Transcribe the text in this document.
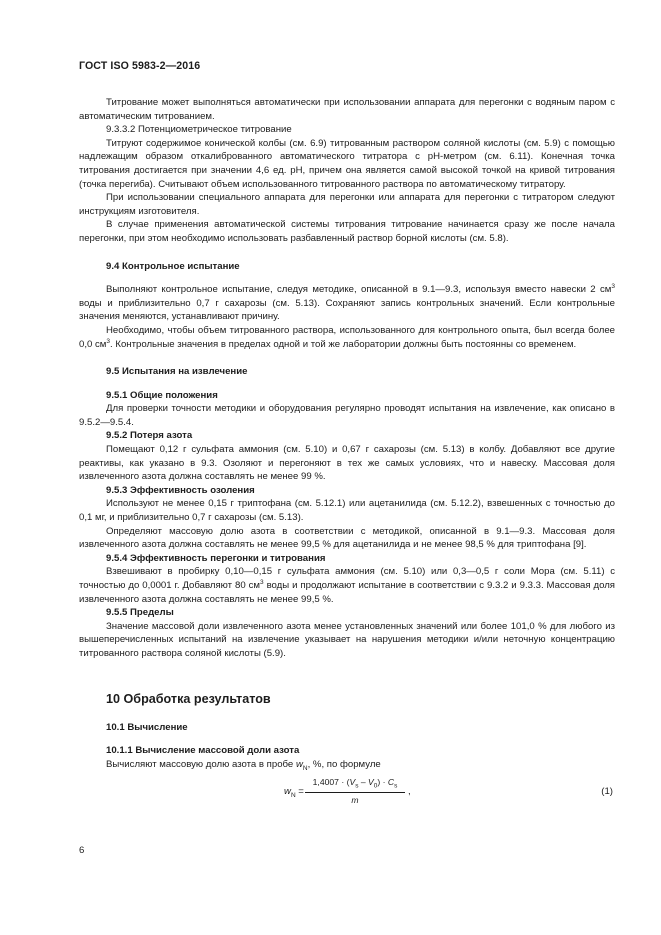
ГОСТ ISO 5983-2—2016

Титрование может выполняться автоматически при использовании аппарата для перегонки с водяным паром с автоматическим титрованием.

9.3.3.2 Потенциометрическое титрование

Титруют содержимое конической колбы (см. 6.9) титрованным раствором соляной кислоты (см. 5.9) с помощью надлежащим образом откалиброванного автоматического титратора с pH-метром (см. 6.11). Конечная точка титрования достигается при значении 4,6 ед. pH, причем она является самой высокой точкой на кривой титрования (точка перегиба). Считывают объем использованного титрованного раствора по автоматическому титратору.

При использовании специального аппарата для перегонки или аппарата для перегонки с титратором следуют инструкциям изготовителя.

В случае применения автоматической системы титрования титрование начинается сразу же после начала перегонки, при этом необходимо использовать разбавленный раствор борной кислоты (см. 5.8).

9.4 Контрольное испытание

Выполняют контрольное испытание, следуя методике, описанной в 9.1—9.3, используя вместо навески 2 $см^3$ воды и приблизительно 0,7 г сахарозы (см. 5.13). Сохраняют запись контрольных значений. Если контрольные значения меняются, устанавливают причину.

Необходимо, чтобы объем титрованного раствора, использованного для контрольного опыта, был всегда более 0,0 $см^3$. Контрольные значения в пределах одной и той же лаборатории должны быть постоянны со временем.

9.5 Испытания на извлечение

9.5.1 Общие положения

Для проверки точности методики и оборудования регулярно проводят испытания на извлечение, как описано в 9.5.2—9.5.4.

9.5.2 Потеря азота

Помещают 0,12 г сульфата аммония (см. 5.10) и 0,67 г сахарозы (см. 5.13) в колбу. Добавляют все другие реактивы, как указано в 9.3. Озоляют и перегоняют в тех же самых условиях, что и навеску. Массовая доля извлеченного азота должна составлять не менее 99 %.

9.5.3 Эффективность озоления

Используют не менее 0,15 г триптофана (см. 5.12.1) или ацетанилида (см. 5.12.2), взвешенных с точностью до 0,1 мг, и приблизительно 0,7 г сахарозы (см. 5.13).

Определяют массовую долю азота в соответствии с методикой, описанной в 9.1—9.3. Массовая доля извлеченного азота должна составлять не менее 99,5 % для ацетанилида и не менее 98,5 % для триптофана [9].

9.5.4 Эффективность перегонки и титрования

Взвешивают в пробирку 0,10—0,15 г сульфата аммония (см. 5.10) или 0,3—0,5 г соли Мора (см. 5.11) с точностью до 0,0001 г. Добавляют 80 $см^3$ воды и продолжают испытание в соответствии с 9.3.2 и 9.3.3. Массовая доля извлеченного азота должна составлять не менее 99,5 %.

9.5.5 Пределы

Значение массовой доли извлеченного азота менее установленных значений или более 101,0 % для любого из вышеперечисленных испытаний на извлечение указывает на нарушения методики и/или неточную концентрацию титрованного раствора соляной кислоты (5.9).

10 Обработка результатов

10.1 Вычисление

10.1.1 Вычисление массовой доли азота

Вычисляют массовую долю азота в пробе $w_N$, %, по формуле

$w_N = \frac{1,4007 \cdot (V_s - V_0) \cdot C_s}{m}$ ,	(1)
6
